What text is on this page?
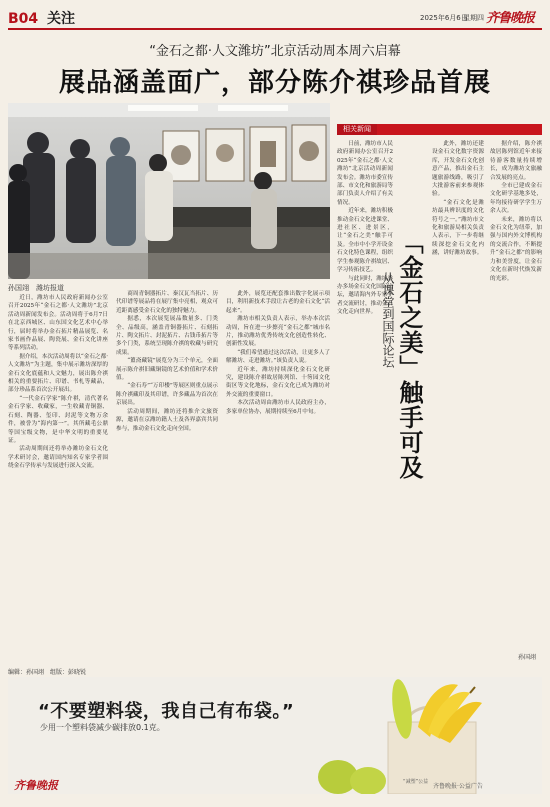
B04 关注	2025年6月6日
星期四 齐鲁晚报
“金石之都·人文潍坊”北京活动周本周六启幕
展品涵盖面广，部分陈介祺珍品首展
孙国翊　潍坊报道

近日，潍坊市人民政府新闻办公室召开2025年“金石之都·人文潍坊”北京活动周新闻发布会。活动周将于6月7日在北京西城区、山东国文化艺术中心举行，届时将举办金石拓片精品展览、名家书画作品展、陶瓷展、金石文化讲座等系列活动。

据介绍，本次活动周将以“金石之都·人文潍坊”为主题，集中展示潍坊深厚的金石文化底蕴和人文魅力，展出陈介祺相关的重要拓片、印谱、书札等藏品，部分珍品系首次公开展出。

“一代金石学家”陈介祺，清代著名金石学家、收藏家，一生收藏青铜器、石刻、陶器、玺印、封泥等文物万余件，被誉为“海内第一”。其所藏毛公鼎等国宝级文物，是中华文明的重要见证。

活动周期间还将举办潍坊金石文化学术研讨会，邀请国内知名专家学者围绕金石学传承与发展进行深入交流。

商周青铜器拓片、秦汉瓦当拓片、历代印谱等展品将在展厅集中亮相，观众可近距离感受金石文化的独特魅力。

据悉，本次展览展品数量多、门类全、品级高，涵盖青铜器拓片、石刻拓片、陶文拓片、封泥拓片、古钱币拓片等多个门类，系统呈现陈介祺的收藏与研究成果。

“簠斋藏镜”展览分为三个单元，全面展示陈介祺旧藏铜镜的艺术价值和学术价值。

“金石寿”“万印楼”等展区则重点展示陈介祺藏印及其印谱，许多藏品为首次在京展出。

活动周期间，潍坊还将推介文旅资源，邀请在京潍坊籍人士及各界嘉宾共同参与，推动金石文化走向全国。

此外，展览还配套推出数字化展示项目，利用新技术手段让古老的金石文化“活起来”。

潍坊市相关负责人表示，举办本次活动周，旨在进一步擦亮“金石之都”城市名片，推动潍坊优秀传统文化创造性转化、创新性发展。

“我们希望通过这次活动，让更多人了解潍坊、走进潍坊。”该负责人说。

近年来，潍坊持续深化金石文化研究，建设陈介祺故居陈列馆、十笏园文化街区等文化地标，金石文化已成为潍坊对外交流的重要窗口。

本次活动周由潍坊市人民政府主办，多家单位协办，展期持续至6月中旬。

相关新闻

日前，潍坊市人民政府新闻办公室召开2025年“金石之都·人文潍坊”北京活动周新闻发布会。潍坊市委宣传部、市文化和旅游局等部门负责人介绍了有关情况。

近年来，潍坊积极推动金石文化进课堂、进社区、进景区，让“金石之美”触手可及。全市中小学开设金石文化特色课程，组织学生参观陈介祺故居、学习传拓技艺。

与此同时，潍坊举办多场金石文化国际论坛，邀请海内外专家学者交流研讨，推动金石文化走向世界。 从课堂到国际论坛 「金石之美」触手可及

此外，潍坊还建设金石文化数字资源库，开发金石文化创意产品，推出金石主题旅游线路，吸引了大批游客前来参观体验。

“金石文化是潍坊最具辨识度的文化符号之一。”潍坊市文化和旅游局相关负责人表示，下一步将继续深挖金石文化内涵，讲好潍坊故事。

据介绍，陈介祺故居陈列馆近年来接待游客数量持续增长，成为潍坊文旅融合发展的亮点。

全市已建成金石文化研学基地多处，年均接待研学学生万余人次。

未来，潍坊将以金石文化为纽带，加强与国内外文博机构的交流合作，不断提升“金石之都”的影响力和美誉度，让金石文化在新时代焕发新的光彩。

孙国翊
编辑：孙国翊　组版：彭晓锐
“不要塑料袋，我自己有布袋。”
少用一个塑料袋减少碳排放0.1克。
“减塑”公益
齐鲁晚报·公益广告
齐鲁晚报
